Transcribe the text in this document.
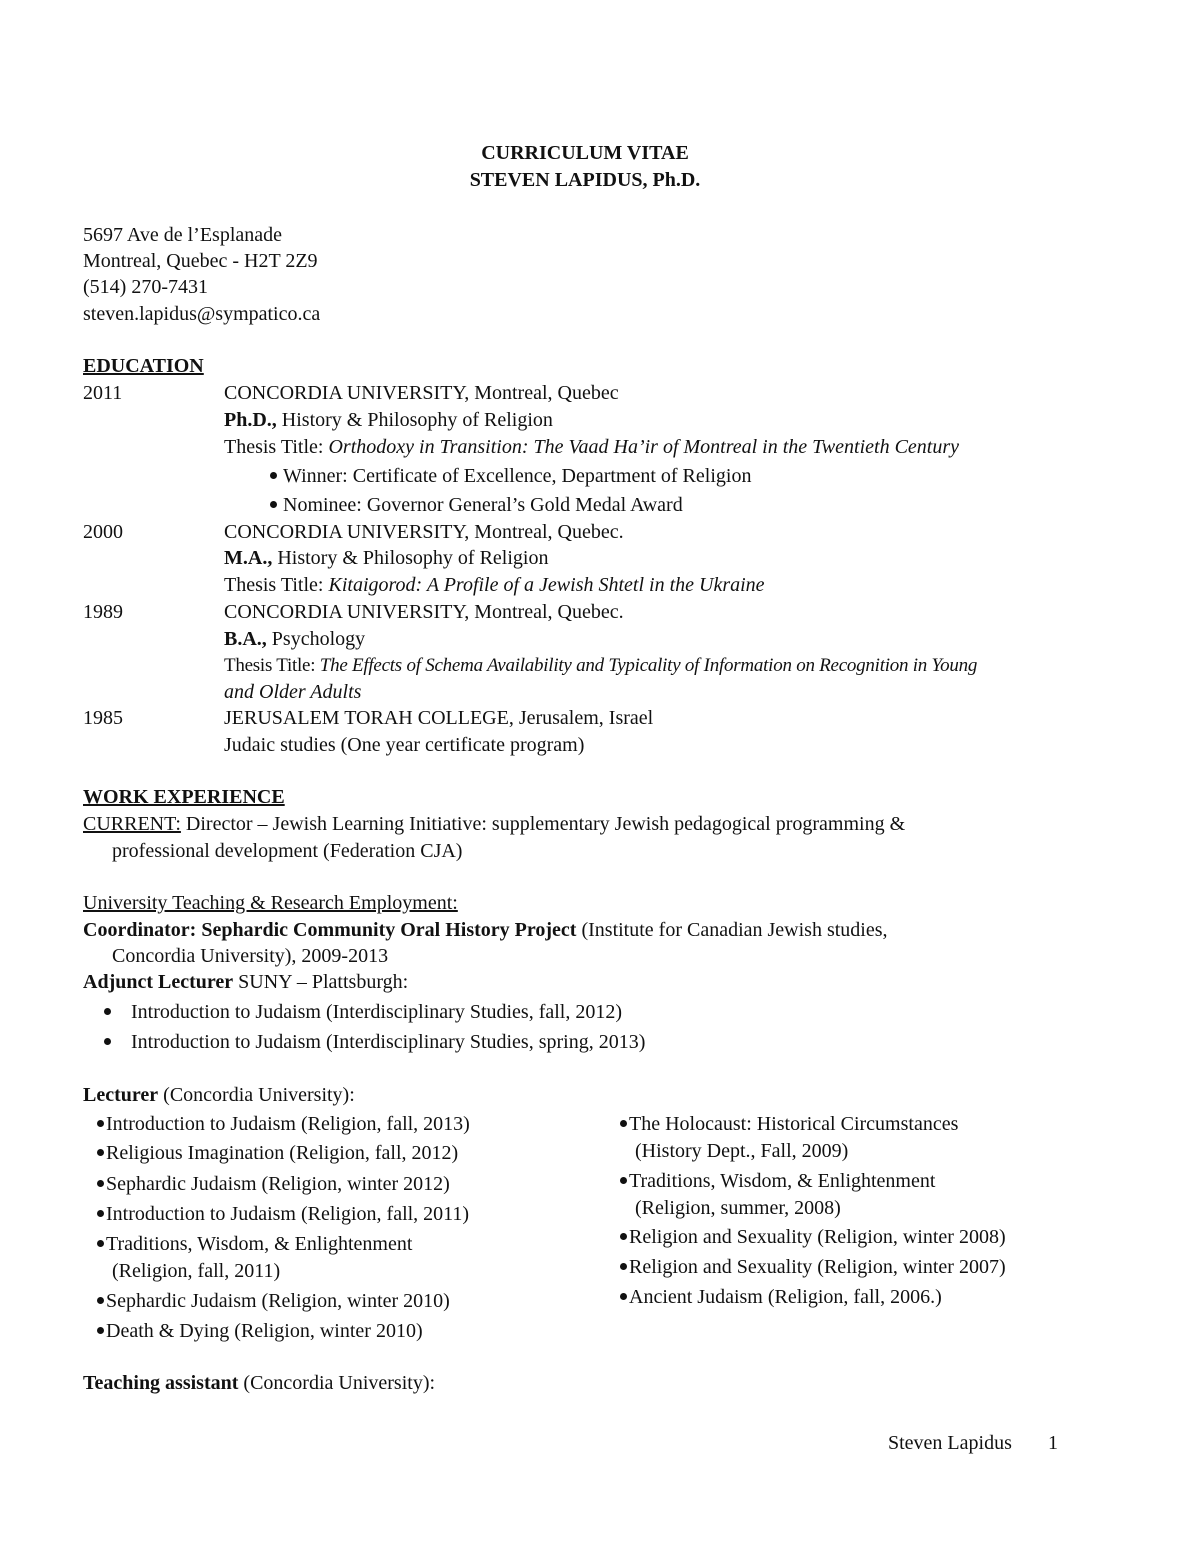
CURRICULUM VITAE
STEVEN LAPIDUS, Ph.D.
5697 Ave de l’Esplanade
Montreal, Quebec - H2T 2Z9
(514) 270-7431
steven.lapidus@sympatico.ca
EDUCATION
2011	CONCORDIA UNIVERSITY, Montreal, Quebec
Ph.D., History & Philosophy of Religion
Thesis Title: Orthodoxy in Transition: The Vaad Ha’ir of Montreal in the Twentieth Century
Winner: Certificate of Excellence, Department of Religion
Nominee: Governor General’s Gold Medal Award
2000	CONCORDIA UNIVERSITY, Montreal, Quebec.
M.A., History & Philosophy of Religion
Thesis Title: Kitaigorod: A Profile of a Jewish Shtetl in the Ukraine
1989	CONCORDIA UNIVERSITY, Montreal, Quebec.
B.A., Psychology
Thesis Title: The Effects of Schema Availability and Typicality of Information on Recognition in Young
and Older Adults
1985	JERUSALEM TORAH COLLEGE, Jerusalem, Israel
Judaic studies (One year certificate program)
WORK EXPERIENCE
CURRENT: Director – Jewish Learning Initiative: supplementary Jewish pedagogical programming &
professional development (Federation CJA)
University Teaching & Research Employment:
Coordinator: Sephardic Community Oral History Project (Institute for Canadian Jewish studies,
Concordia University), 2009-2013
Adjunct Lecturer SUNY – Plattsburgh:
Introduction to Judaism (Interdisciplinary Studies, fall, 2012)
Introduction to Judaism (Interdisciplinary Studies, spring, 2013)
Lecturer (Concordia University):
Introduction to Judaism (Religion, fall, 2013)
Religious Imagination (Religion, fall, 2012)
Sephardic Judaism (Religion, winter 2012)
Introduction to Judaism (Religion, fall, 2011)
Traditions, Wisdom, & Enlightenment
(Religion, fall, 2011)
Sephardic Judaism (Religion, winter 2010)
Death & Dying (Religion, winter 2010)
The Holocaust: Historical Circumstances
(History Dept., Fall, 2009)
Traditions, Wisdom, & Enlightenment
(Religion, summer, 2008)
Religion and Sexuality (Religion, winter 2008)
Religion and Sexuality (Religion, winter 2007)
Ancient Judaism (Religion, fall, 2006.)
Teaching assistant (Concordia University):
Steven Lapidus 1
